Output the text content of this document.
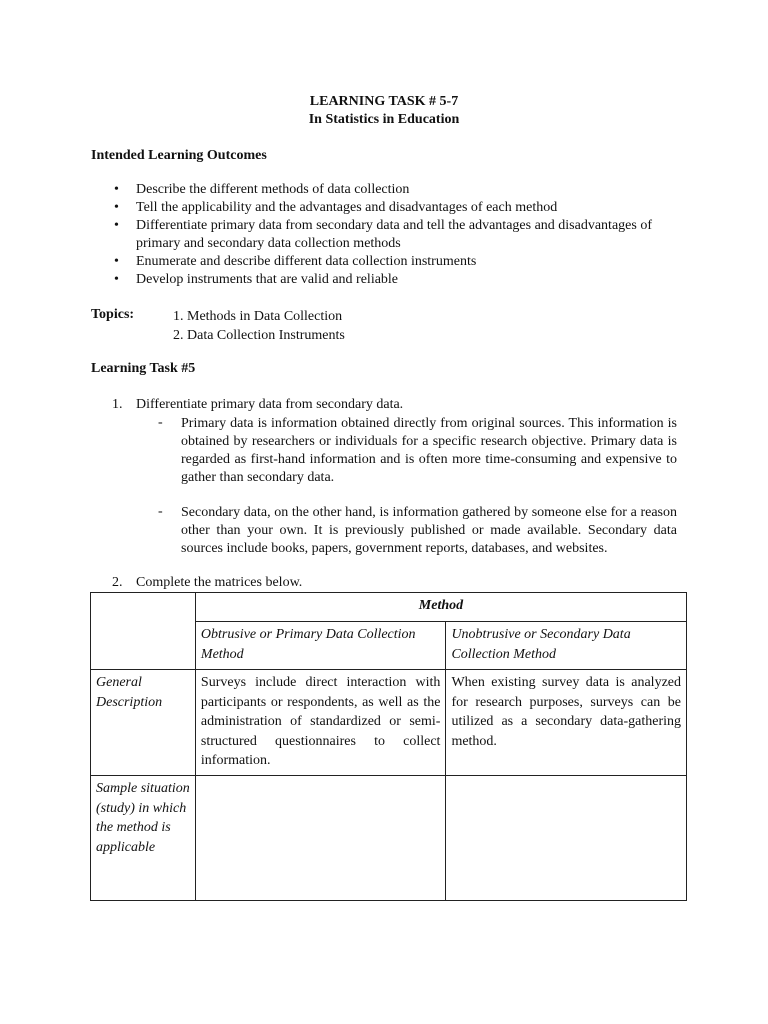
LEARNING TASK # 5-7
In Statistics in Education
Intended Learning Outcomes
• Describe the different methods of data collection
• Tell the applicability and the advantages and disadvantages of each method
• Differentiate primary data from secondary data and tell the advantages and disadvantages of primary and secondary data collection methods
• Enumerate and describe different data collection instruments
• Develop instruments that are valid and reliable
Topics:	1. Methods in Data Collection
2. Data Collection Instruments
Learning Task #5
1. Differentiate primary data from secondary data.
- Primary data is information obtained directly from original sources. This information is obtained by researchers or individuals for a specific research objective. Primary data is regarded as first-hand information and is often more time-consuming and expensive to gather than secondary data.
- Secondary data, on the other hand, is information gathered by someone else for a reason other than your own. It is previously published or made available. Secondary data sources include books, papers, government reports, databases, and websites.
2. Complete the matrices below.
	Method	
	Obtrusive or Primary Data Collection Method	Unobtrusive or Secondary Data Collection Method
General Description	Surveys include direct interaction with participants or respondents, as well as the administration of standardized or semi-structured questionnaires to collect information.	When existing survey data is analyzed for research purposes, surveys can be utilized as a secondary data-gathering method.
Sample situation (study) in which the method is applicable		
